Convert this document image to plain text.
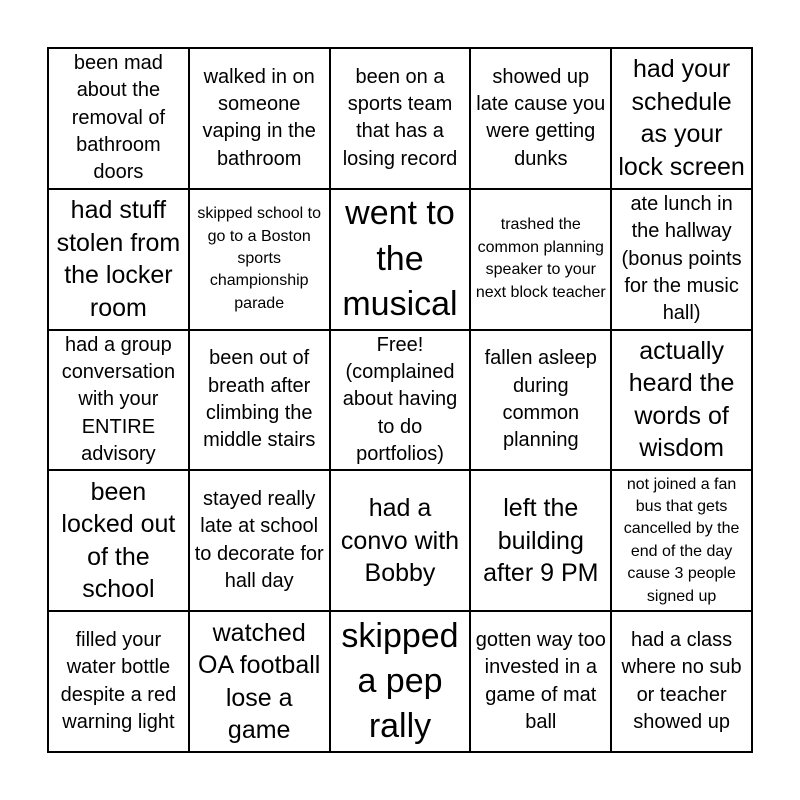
been mad about the removal of bathroom doors
walked in on someone vaping in the bathroom
been on a sports team that has a losing record
showed up late cause you were getting dunks
had your schedule as your lock screen
had stuff stolen from the locker room
skipped school to go to a Boston sports championship parade
went to the musical
trashed the common planning speaker to your next block teacher
ate lunch in the hallway (bonus points for the music hall)
had a group conversation with your ENTIRE advisory
been out of breath after climbing the middle stairs
Free! (complained about having to do portfolios)
fallen asleep during common planning
actually heard the words of wisdom
been locked out of the school
stayed really late at school to decorate for hall day
had a convo with Bobby
left the building after 9 PM
not joined a fan bus that gets cancelled by the end of the day cause 3 people signed up
filled your water bottle despite a red warning light
watched OA football lose a game
skipped a pep rally
gotten way too invested in a game of mat ball
had a class where no sub or teacher showed up
